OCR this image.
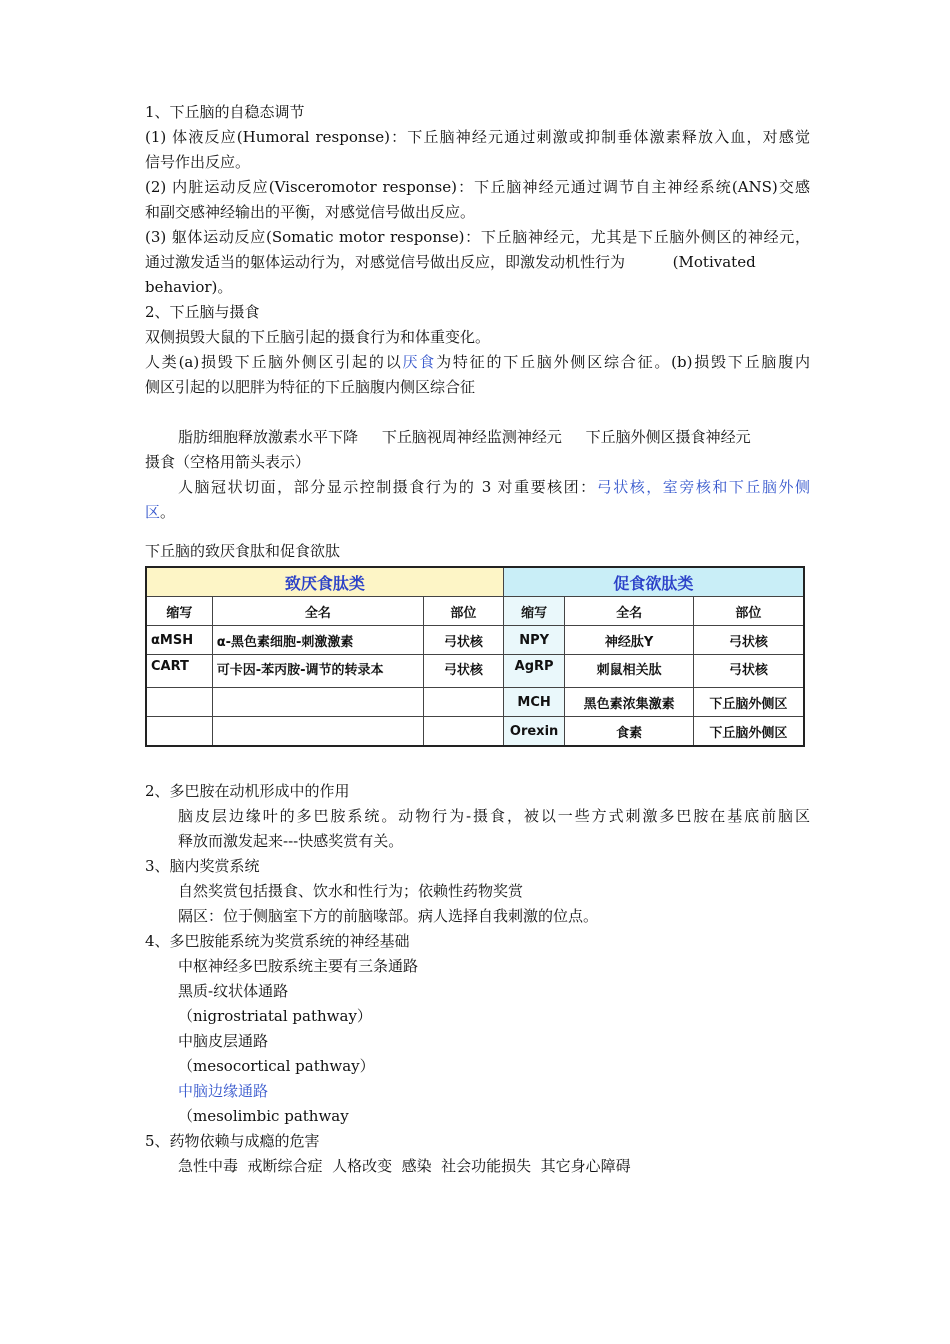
1、下丘脑的自稳态调节
(1) 体液反应(Humoral response)：下丘脑神经元通过刺激或抑制垂体激素释放入血，对感觉
信号作出反应。
(2) 内脏运动反应(Visceromotor response)：下丘脑神经元通过调节自主神经系统(ANS)交感
和副交感神经输出的平衡，对感觉信号做出反应。
(3) 躯体运动反应(Somatic motor response)：下丘脑神经元，尤其是下丘脑外侧区的神经元，
通过激发适当的躯体运动行为，对感觉信号做出反应，即激发动机性行为          (Motivated
behavior)。
2、下丘脑与摄食
双侧损毁大鼠的下丘脑引起的摄食行为和体重变化。
人类(a)损毁下丘脑外侧区引起的以厌食为特征的下丘脑外侧区综合征。(b)损毁下丘脑腹内
侧区引起的以肥胖为特征的下丘脑腹内侧区综合征
脂肪细胞释放激素水平下降     下丘脑视周神经监测神经元     下丘脑外侧区摄食神经元
摄食（空格用箭头表示）
人脑冠状切面，部分显示控制摄食行为的 3 对重要核团：弓状核，室旁核和下丘脑外侧
区。
下丘脑的致厌食肽和促食欲肽
致厌食肽类			促食欲肽类		
缩写	全名	部位	缩写	全名	部位
αMSH	α-黑色素细胞-刺激激素	弓状核	NPY	神经肽Y	弓状核
CART	可卡因-苯丙胺-调节的转录本	弓状核	AgRP	刺鼠相关肽	弓状核
			MCH	黑色素浓集激素	下丘脑外侧区
			Orexin	食素	下丘脑外侧区
2、多巴胺在动机形成中的作用
脑皮层边缘叶的多巴胺系统。动物行为-摄食，被以一些方式刺激多巴胺在基底前脑区
释放而激发起来---快感奖赏有关。
3、脑内奖赏系统
自然奖赏包括摄食、饮水和性行为；依赖性药物奖赏
隔区：位于侧脑室下方的前脑喙部。病人选择自我刺激的位点。
4、多巴胺能系统为奖赏系统的神经基础
中枢神经多巴胺系统主要有三条通路
黑质-纹状体通路
（nigrostriatal pathway）
中脑皮层通路
（mesocortical pathway）
中脑边缘通路
（mesolimbic pathway
5、药物依赖与成瘾的危害
急性中毒  戒断综合症  人格改变  感染  社会功能损失  其它身心障碍
